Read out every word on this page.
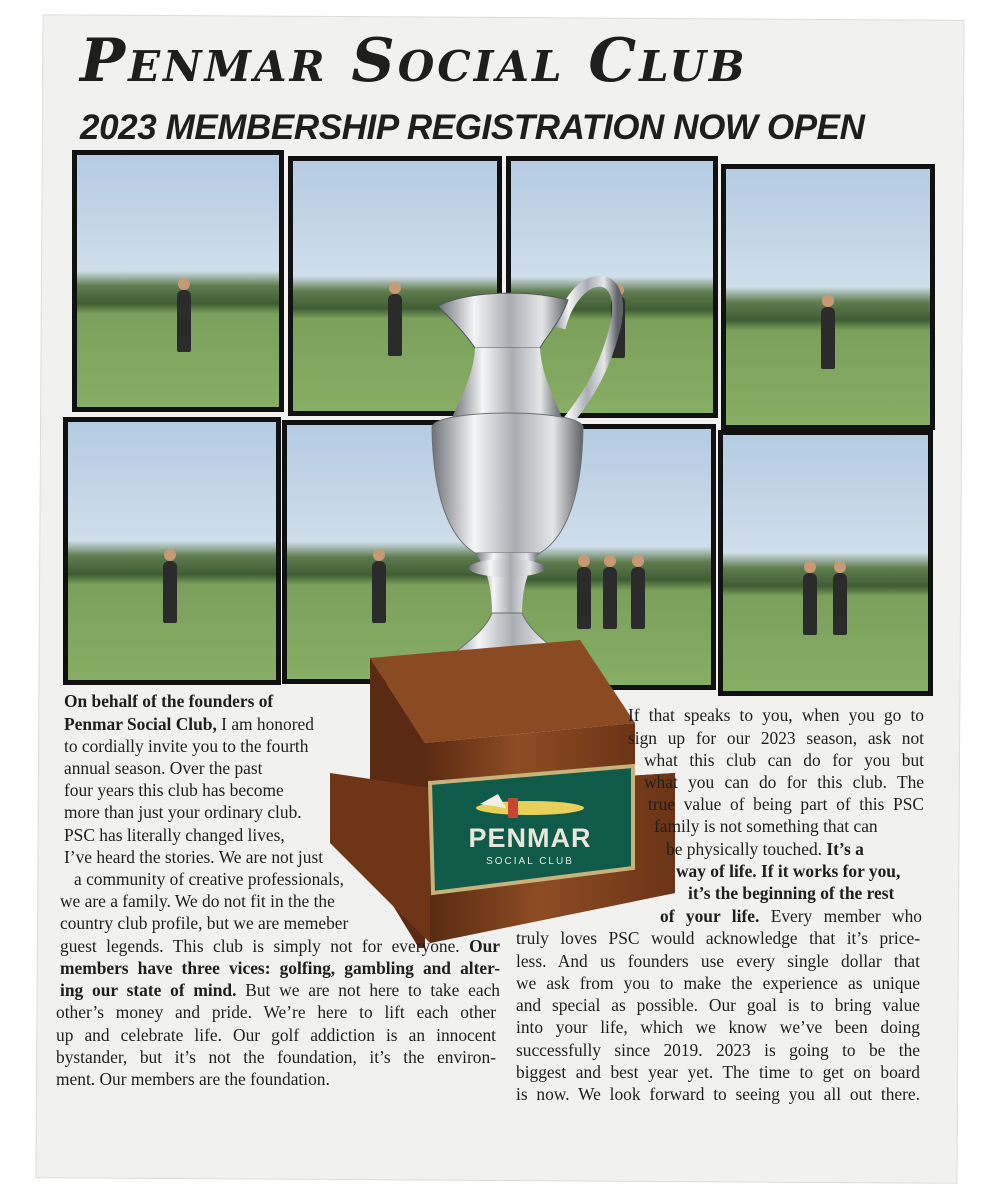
Penmar Social Club
2023 MEMBERSHIP REGISTRATION NOW OPEN
PENMAR
SOCIAL CLUB
On behalf of the founders of
Penmar Social Club, I am honored
to cordially invite you to the fourth
annual season. Over the past
four years this club has become
more than just your ordinary club.
PSC has literally changed lives,
I’ve heard the stories. We are not just
a community of creative professionals,
we are a family. We do not fit in the the
country club profile, but we are memeber
guest legends. This club is simply not for everyone. Our
members have three vices: golfing, gambling and alter-
ing our state of mind. But we are not here to take each
other’s money and pride. We’re here to lift each other
up and celebrate life. Our golf addiction is an innocent
bystander, but it’s not the foundation, it’s the environ-
ment. Our members are the foundation.
If that speaks to you, when you go to
sign up for our 2023 season, ask not
what this club can do for you but
what you can do for this club. The
true value of being part of this PSC
family is not something that can
be physically touched. It’s a
way of life. If it works for you,
it’s the beginning of the rest
of your life. Every member who
truly loves PSC would acknowledge that it’s price-
less. And us founders use every single dollar that
we ask from you to make the experience as unique
and special as possible. Our goal is to bring value
into your life, which we know we’ve been doing
successfully since 2019. 2023 is going to be the
biggest and best year yet. The time to get on board
is now. We look forward to seeing you all out there.
